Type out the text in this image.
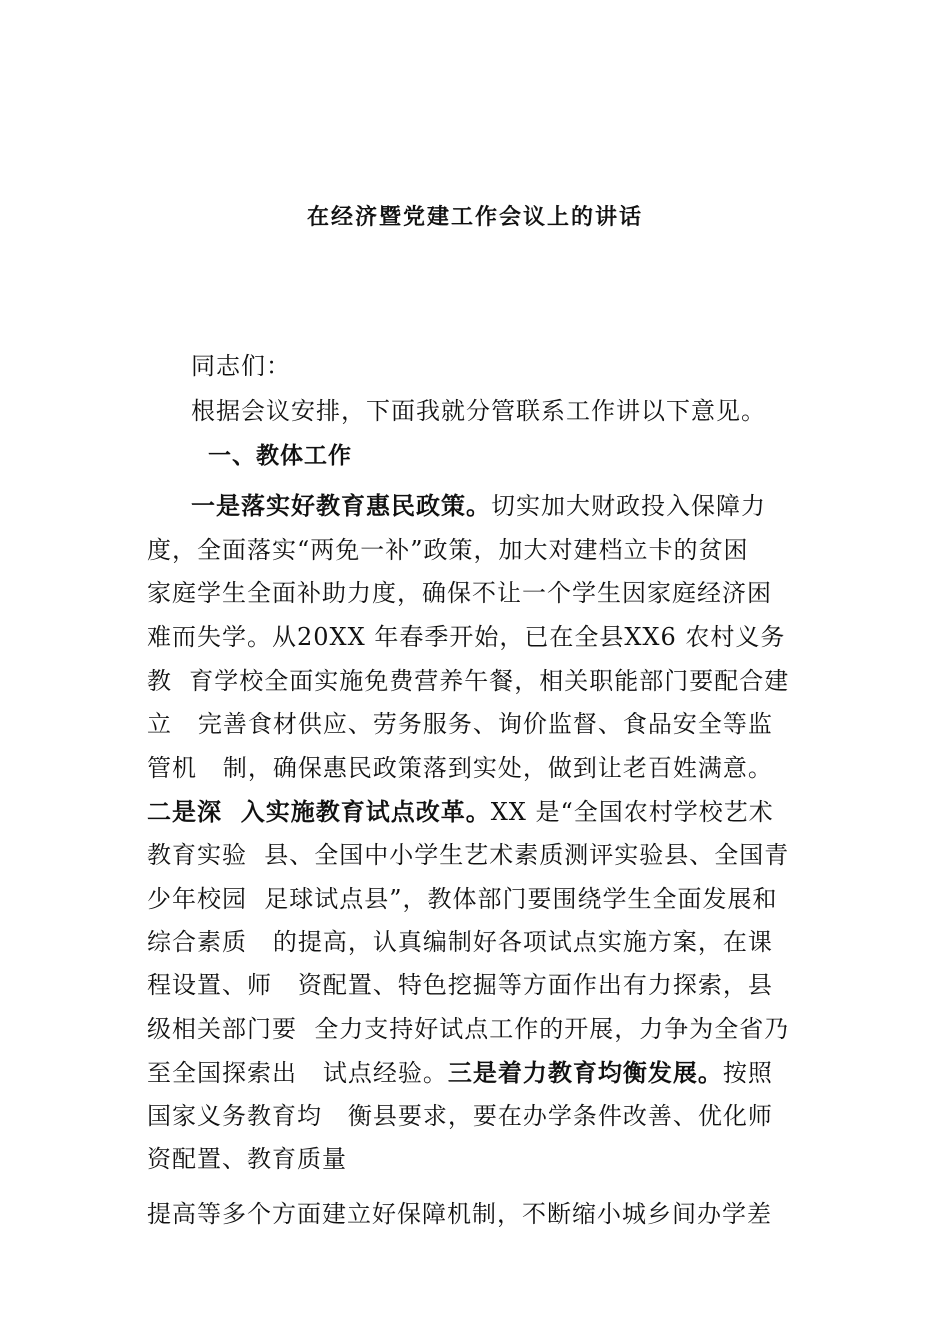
在经济暨党建工作会议上的讲话
同志们：
根据会议安排，下面我就分管联系工作讲以下意见。
一、教体工作
一是落实好教育惠民政策。切实加大财政投入保障力
度，全面落实“两免一补”政策，加大对建档立卡的贫困
家庭学生全面补助力度，确保不让一个学生因家庭经济困
难而失学。从20XX 年春季开始，已在全县XX6 农村义务
教  育学校全面实施免费营养午餐，相关职能部门要配合建
立   完善食材供应、劳务服务、询价监督、食品安全等监
管机   制，确保惠民政策落到实处，做到让老百姓满意。
二是深  入实施教育试点改革。XX 是“全国农村学校艺术
教育实验  县、全国中小学生艺术素质测评实验县、全国青
少年校园  足球试点县”，教体部门要围绕学生全面发展和
综合素质   的提高，认真编制好各项试点实施方案，在课
程设置、师   资配置、特色挖掘等方面作出有力探索，县
级相关部门要  全力支持好试点工作的开展，力争为全省乃
至全国探索出   试点经验。三是着力教育均衡发展。按照
国家义务教育均   衡县要求，要在办学条件改善、优化师
资配置、教育质量
提高等多个方面建立好保障机制，不断缩小城乡间办学差
